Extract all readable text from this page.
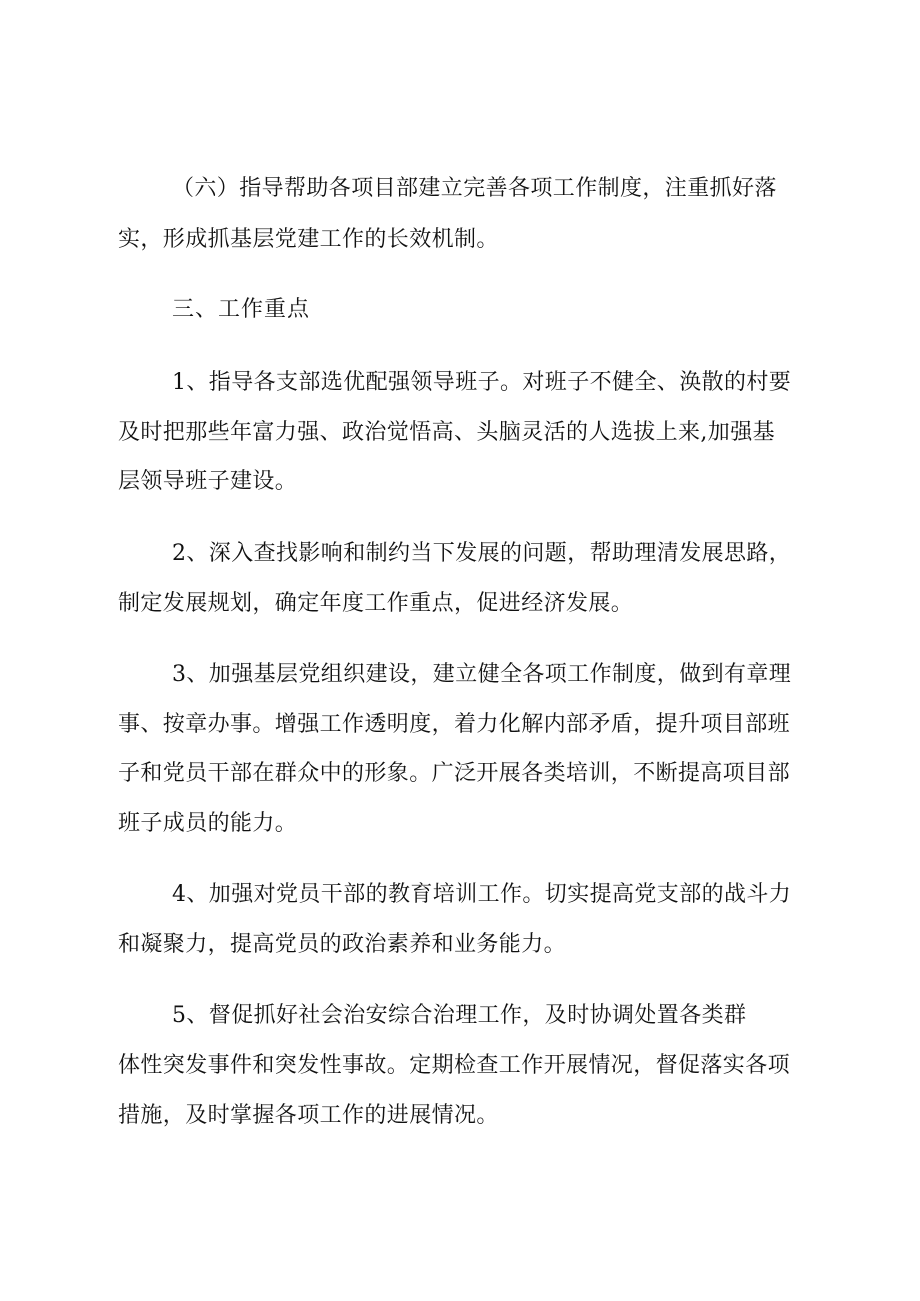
（六）指导帮助各项目部建立完善各项工作制度，注重抓好落
实，形成抓基层党建工作的长效机制。
三、工作重点
1、指导各支部选优配强领导班子。对班子不健全、涣散的村要
及时把那些年富力强、政治觉悟高、头脑灵活的人选拔上来,加强基
层领导班子建设。
2、深入查找影响和制约当下发展的问题，帮助理清发展思路，
制定发展规划，确定年度工作重点，促进经济发展。
3、加强基层党组织建设，建立健全各项工作制度，做到有章理
事、按章办事。增强工作透明度，着力化解内部矛盾，提升项目部班
子和党员干部在群众中的形象。广泛开展各类培训，不断提高项目部
班子成员的能力。
4、加强对党员干部的教育培训工作。切实提高党支部的战斗力
和凝聚力，提高党员的政治素养和业务能力。
5、督促抓好社会治安综合治理工作，及时协调处置各类群
体性突发事件和突发性事故。定期检查工作开展情况，督促落实各项
措施，及时掌握各项工作的进展情况。
